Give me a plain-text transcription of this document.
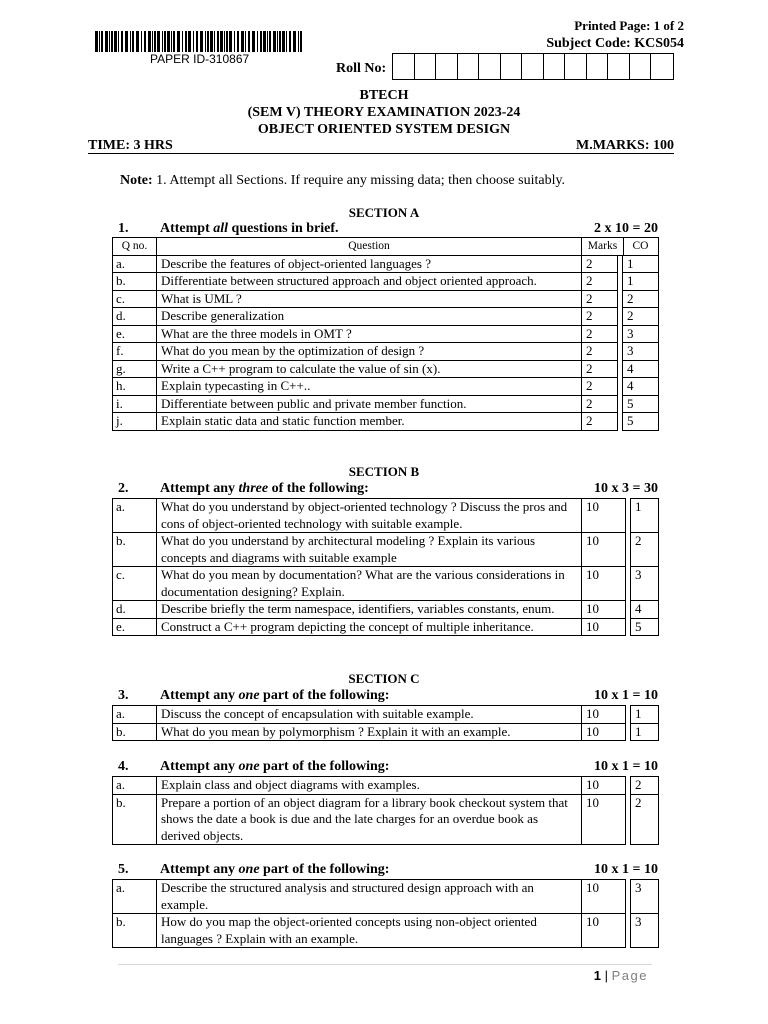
PAPER ID-310867
Printed Page: 1 of 2
Subject Code: KCS054
Roll No:
BTECH
(SEM V) THEORY EXAMINATION 2023-24
OBJECT ORIENTED SYSTEM DESIGN
TIME: 3 HRS	M.MARKS: 100
Note: 1. Attempt all Sections. If require any missing data; then choose suitably.
SECTION A
1. Attempt all questions in brief.	2 x 10 = 20
Q no.	Question	Marks CO		
a.	Describe the features of object-oriented languages ?	2		1
b.	Differentiate between structured approach and object oriented approach.	2		1
c.	What is UML ?	2		2
d.	Describe generalization	2		2
e.	What are the three models in OMT ?	2		3
f.	What do you mean by the optimization of design ?	2		3
g.	Write a C++ program to calculate the value of sin (x).	2		4
h.	Explain typecasting in C++..	2		4
i.	Differentiate between public and private member function.	2		5
j.	Explain static data and static function member.	2		5
SECTION B
2. Attempt any three of the following:	10 x 3 = 30
a.	What do you understand by object-oriented technology ? Discuss the pros and cons of object-oriented technology with suitable example.	10		1
b.	What do you understand by architectural modeling ? Explain its various concepts and diagrams with suitable example	10		2
c.	What do you mean by documentation? What are the various considerations in documentation designing? Explain.	10		3
d.	Describe briefly the term namespace, identifiers, variables constants, enum.	10		4
e.	Construct a C++ program depicting the concept of multiple inheritance.	10		5
SECTION C
3. Attempt any one part of the following:	10 x 1 = 10
a.	Discuss the concept of encapsulation with suitable example.	10		1
b.	What do you mean by polymorphism ? Explain it with an example.	10		1
4. Attempt any one part of the following:	10 x 1 = 10
a.	Explain class and object diagrams with examples.	10		2
b.	Prepare a portion of an object diagram for a library book checkout system that shows the date a book is due and the late charges for an overdue book as derived objects.	10		2
5. Attempt any one part of the following:	10 x 1 = 10
a.	Describe the structured analysis and structured design approach with an example.	10		3
b.	How do you map the object-oriented concepts using non-object oriented languages ? Explain with an example.	10		3
1 | Page
